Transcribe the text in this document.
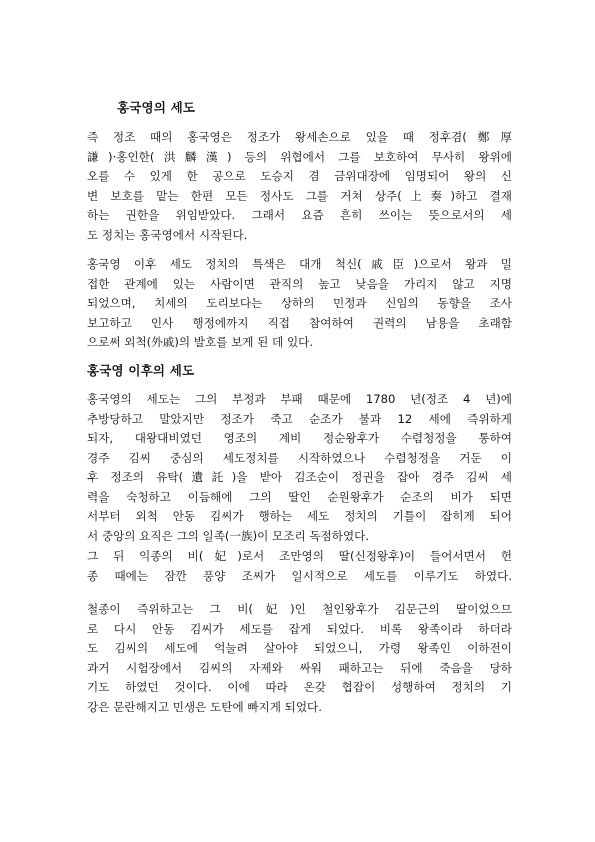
홍국영의 세도
즉 정조 때의 홍국영은 정조가 왕세손으로 있을 때 정후겸(鄭厚
謙)·홍인한(洪麟漢) 등의 위협에서 그를 보호하여 무사히 왕위에
오를 수 있게 한 공으로 도승지 겸 금위대장에 임명되어 왕의 신
변 보호를 맡는 한편 모든 정사도 그를 거쳐 상주(上奏)하고 결재
하는 권한을 위임받았다. 그래서 요즘 흔히 쓰이는 뜻으로서의 세
도 정치는 홍국영에서 시작된다.
홍국영 이후 세도 정치의 특색은 대개 척신(戚臣)으로서 왕과 밀
접한 관계에 있는 사람이면 관직의 높고 낮음을 가리지 않고 지명
되었으며, 치세의 도리보다는 상하의 민정과 신임의 동향을 조사
보고하고 인사 행정에까지 직접 참여하여 권력의 남용을 초래함
으로써 외척(外戚)의 발호를 보게 된 데 있다.
홍국영 이후의 세도
홍국영의 세도는 그의 부정과 부패 때문에 1780 년(정조 4 년)에
추방당하고 말았지만 정조가 죽고 순조가 불과 12 세에 즉위하게
되자, 대왕대비였던 영조의 계비 정순왕후가 수렴청정을 통하여
경주 김씨 중심의 세도정치를 시작하였으나 수렴청정을 거둔 이
후 정조의 유탁(遺託)을 받아 김조순이 정권을 잡아 경주 김씨 세
력을 숙청하고 이듬해에 그의 딸인 순원왕후가 순조의 비가 되면
서부터 외척 안동 김씨가 행하는 세도 정치의 기틀이 잡히게 되어
서 중앙의 요직은 그의 일족(一族)이 모조리 독점하였다.
그 뒤 익종의 비(妃)로서 조만영의 딸(신정왕후)이 들어서면서 헌
종 때에는 잠깐 풍양 조씨가 일시적으로 세도를 이루기도 하였다.
철종이 즉위하고는 그 비(妃)인 철인왕후가 김문근의 딸이었으므
로 다시 안동 김씨가 세도를 잡게 되었다. 비록 왕족이라 하더라
도 김씨의 세도에 억눌려 살아야 되었으니, 가령 왕족인 이하전이
과거 시험장에서 김씨의 자제와 싸워 패하고는 뒤에 죽음을 당하
기도 하였던 것이다. 이에 따라 온갖 협잡이 성행하여 정치의 기
강은 문란해지고 민생은 도탄에 빠지게 되었다.
